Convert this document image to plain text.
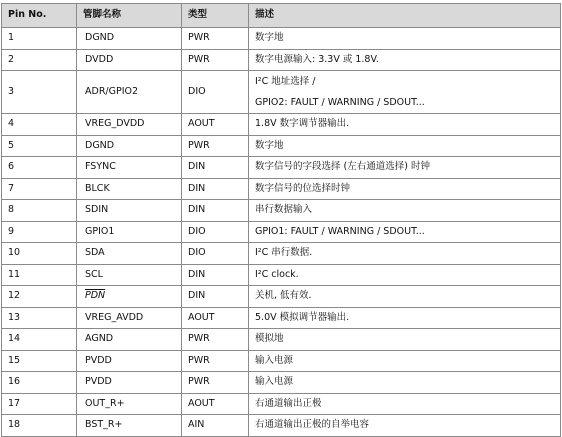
Pin No.	管脚名称	类型	描述
1	DGND	PWR	数字地
2	DVDD	PWR	数字电源输入: 3.3V 或 1.8V.
3	ADR/GPIO2	DIO	I²C 地址选择 /
GPIO2: FAULT / WARNING / SDOUT...

4	VREG_DVDD	AOUT	1.8V 数字调节器输出.
5	DGND	PWR	数字地
6	FSYNC	DIN	数字信号的字段选择 (左右通道选择) 时钟
7	BLCK	DIN	数字信号的位选择时钟
8	SDIN	DIN	串行数据输入
9	GPIO1	DIO	GPIO1: FAULT / WARNING / SDOUT...
10	SDA	DIO	I²C 串行数据.
11	SCL	DIN	I²C clock.
12	$\overline{PDN}$	DIN	关机, 低有效.
13	VREG_AVDD	AOUT	5.0V 模拟调节器输出.
14	AGND	PWR	模拟地
15	PVDD	PWR	输入电源
16	PVDD	PWR	输入电源
17	OUT_R+	AOUT	右通道输出正极
18	BST_R+	AIN	右通道输出正极的自举电容
